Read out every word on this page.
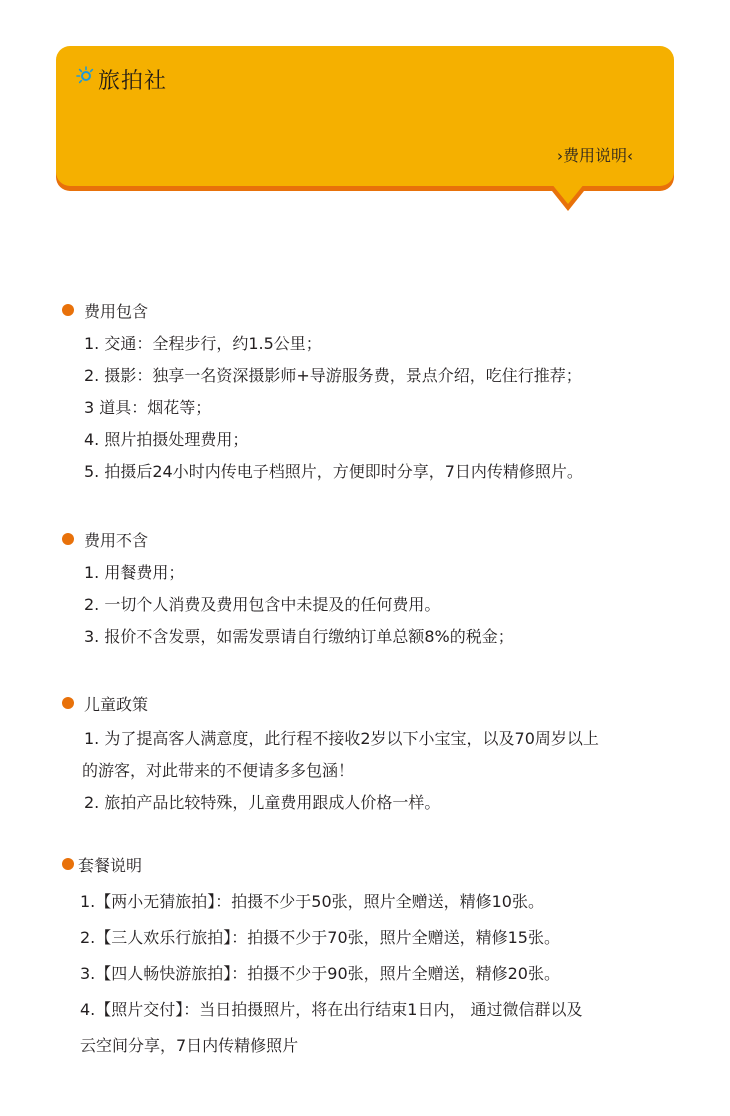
旅拍社
› 费用说明 ‹
费用包含
1. 交通：全程步行，约1.5公里；
2. 摄影：独享一名资深摄影师+导游服务费，景点介绍，吃住行推荐；
3 道具：烟花等；
4. 照片拍摄处理费用；
5. 拍摄后24小时内传电子档照片，方便即时分享，7日内传精修照片。
费用不含
1. 用餐费用；
2. 一切个人消费及费用包含中未提及的任何费用。
3. 报价不含发票，如需发票请自行缴纳订单总额8%的税金；
儿童政策
1. 为了提高客人满意度，此行程不接收2岁以下小宝宝，以及70周岁以上
的游客，对此带来的不便请多多包涵！
2. 旅拍产品比较特殊，儿童费用跟成人价格一样。
套餐说明
1.【两小无猜旅拍】：拍摄不少于50张，照片全赠送，精修10张。
2.【三人欢乐行旅拍】：拍摄不少于70张，照片全赠送，精修15张。
3.【四人畅快游旅拍】：拍摄不少于90张，照片全赠送，精修20张。
4.【照片交付】：当日拍摄照片，将在出行结束1日内， 通过微信群以及
云空间分享，7日内传精修照片
